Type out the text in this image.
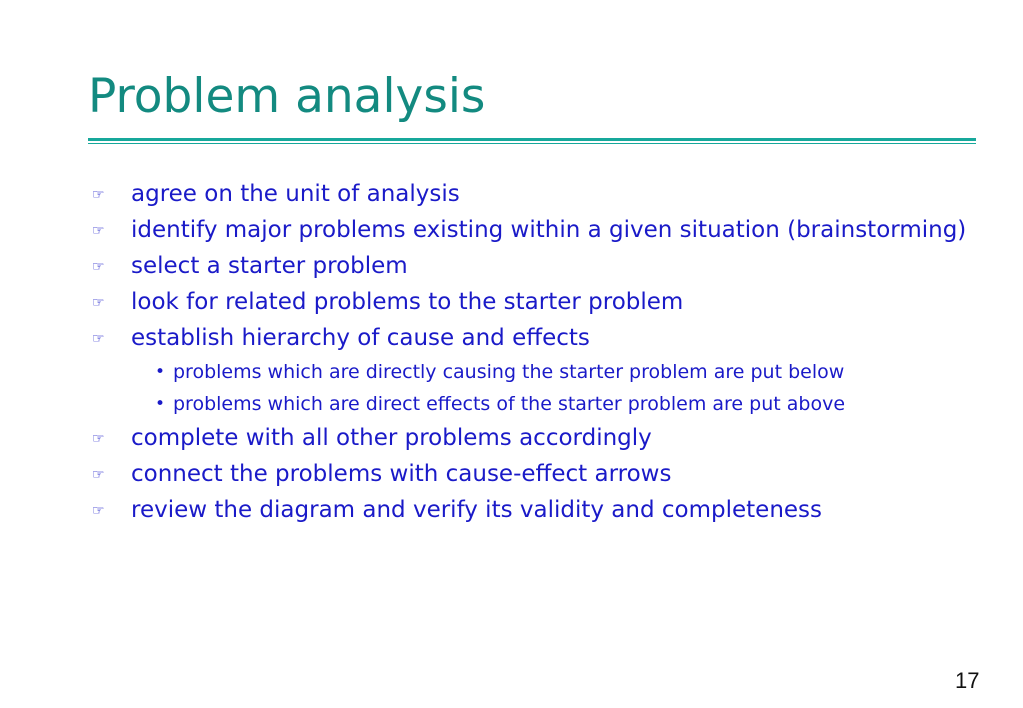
Problem analysis
☞ agree on the unit of analysis
☞ identify major problems existing within a given situation (brainstorming)
☞ select a starter problem
☞ look for related problems to the starter problem
☞ establish hierarchy of cause and effects
• problems which are directly causing the starter problem are put below
• problems which are direct effects of the starter problem are put above
☞ complete with all other problems accordingly
☞ connect the problems with cause-effect arrows
☞ review the diagram and verify its validity and completeness
17
